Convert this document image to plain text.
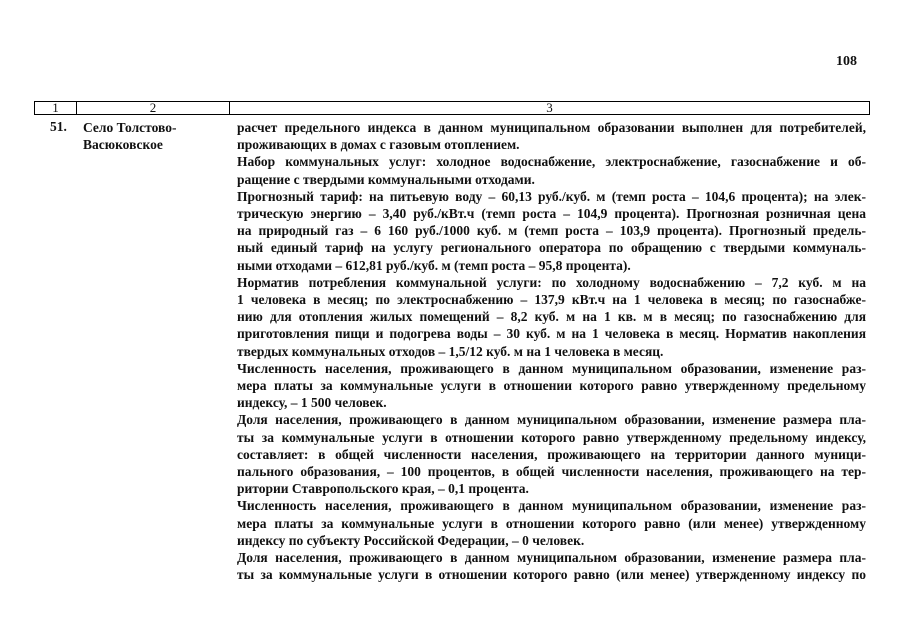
108
1	2	3
51. Село Толстово-
Васюковское
расчет предельного индекса в данном муниципальном образовании выполнен для потребителей,
проживающих в домах с газовым отоплением.
Набор коммунальных услуг: холодное водоснабжение, электроснабжение, газоснабжение и об-
ращение с твердыми коммунальными отходами.
Прогнозный тариф: на питьевую воду – 60,13 руб./куб. м (темп роста – 104,6 процента); на элек-
трическую энергию – 3,40 руб./кВт.ч (темп роста – 104,9 процента). Прогнозная розничная цена
на природный газ – 6 160 руб./1000 куб. м (темп роста – 103,9 процента). Прогнозный предель-
ный единый тариф на услугу регионального оператора по обращению с твердыми коммуналь-
ными отходами – 612,81 руб./куб. м (темп роста – 95,8 процента).
Норматив потребления коммунальной услуги: по холодному водоснабжению – 7,2 куб. м на
1 человека в месяц; по электроснабжению – 137,9 кВт.ч на 1 человека в месяц; по газоснабже-
нию для отопления жилых помещений – 8,2 куб. м на 1 кв. м в месяц; по газоснабжению для
приготовления пищи и подогрева воды – 30 куб. м на 1 человека в месяц. Норматив накопления
твердых коммунальных отходов – 1,5/12 куб. м на 1 человека в месяц.
Численность населения, проживающего в данном муниципальном образовании, изменение раз-
мера платы за коммунальные услуги в отношении которого равно утвержденному предельному
индексу, – 1 500 человек.
Доля населения, проживающего в данном муниципальном образовании, изменение размера пла-
ты за коммунальные услуги в отношении которого равно утвержденному предельному индексу,
составляет: в общей численности населения, проживающего на территории данного муници-
пального образования, – 100 процентов, в общей численности населения, проживающего на тер-
ритории Ставропольского края, – 0,1 процента.
Численность населения, проживающего в данном муниципальном образовании, изменение раз-
мера платы за коммунальные услуги в отношении которого равно (или менее) утвержденному
индексу по субъекту Российской Федерации, – 0 человек.
Доля населения, проживающего в данном муниципальном образовании, изменение размера пла-
ты за коммунальные услуги в отношении которого равно (или менее) утвержденному индексу по
